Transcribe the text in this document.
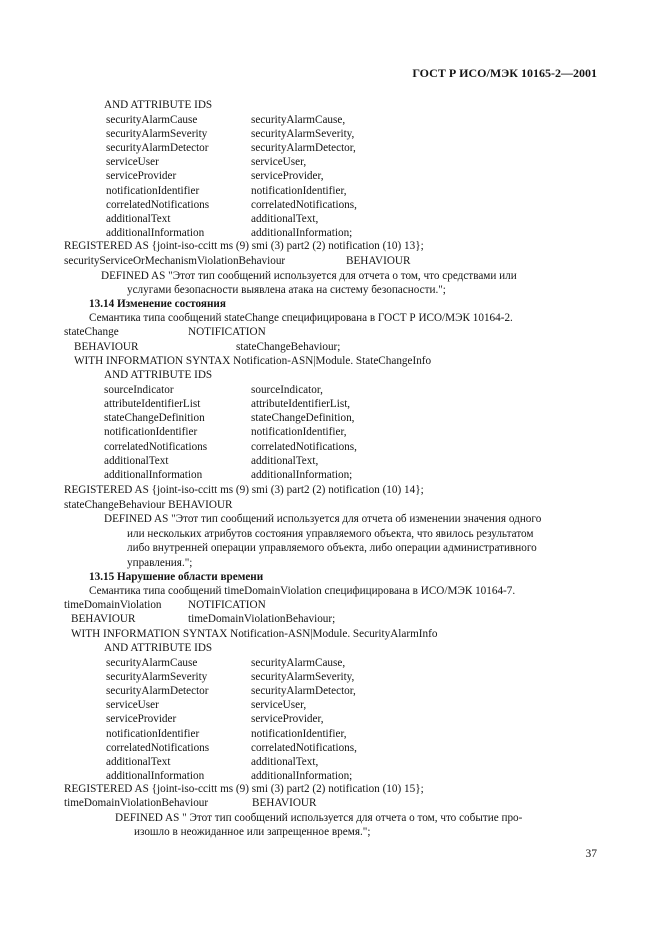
ГОСТ Р ИСО/МЭК 10165-2—2001
AND ATTRIBUTE IDS
securityAlarmCause	securityAlarmCause,
securityAlarmSeverity	securityAlarmSeverity,
securityAlarmDetector	securityAlarmDetector,
serviceUser	serviceUser,
serviceProvider	serviceProvider,
notificationIdentifier	notificationIdentifier,
correlatedNotifications	correlatedNotifications,
additionalText	additionalText,
additionalInformation	additionalInformation;
REGISTERED AS {joint-iso-ccitt ms (9) smi (3) part2 (2) notification (10) 13};
securityServiceOrMechanismViolationBehaviour	BEHAVIOUR
DEFINED AS "Этот тип сообщений используется для отчета о том, что средствами или
услугами безопасности выявлена атака на систему безопасности.";
13.14 Изменение состояния
Семантика типа сообщений stateChange специфицирована в ГОСТ Р ИСО/МЭК 10164-2.
stateChange	NOTIFICATION
BEHAVIOUR	stateChangeBehaviour;
WITH INFORMATION SYNTAX Notification-ASN|Module. StateChangeInfo
AND ATTRIBUTE IDS
sourceIndicator	sourceIndicator,
attributeIdentifierList	attributeIdentifierList,
stateChangeDefinition	stateChangeDefinition,
notificationIdentifier	notificationIdentifier,
correlatedNotifications	correlatedNotifications,
additionalText	additionalText,
additionalInformation	additionalInformation;
REGISTERED AS {joint-iso-ccitt ms (9) smi (3) part2 (2) notification (10) 14};
stateChangeBehaviour BEHAVIOUR
DEFINED AS "Этот тип сообщений используется для отчета об изменении значения одного
или нескольких атрибутов состояния управляемого объекта, что явилось результатом
либо внутренней операции управляемого объекта, либо операции административного
управления.";
13.15 Нарушение области времени
Семантика типа сообщений timeDomainViolation специфицирована в ИСО/МЭК 10164-7.
timeDomainViolation NOTIFICATION
BEHAVIOUR	timeDomainViolationBehaviour;
WITH INFORMATION SYNTAX Notification-ASN|Module. SecurityAlarmInfo
AND ATTRIBUTE IDS
securityAlarmCause	securityAlarmCause,
securityAlarmSeverity	securityAlarmSeverity,
securityAlarmDetector	securityAlarmDetector,
serviceUser	serviceUser,
serviceProvider	serviceProvider,
notificationIdentifier	notificationIdentifier,
correlatedNotifications	correlatedNotifications,
additionalText	additionalText,
additionalInformation	additionalInformation;
REGISTERED AS {joint-iso-ccitt ms (9) smi (3) part2 (2) notification (10) 15};
timeDomainViolationBehaviour	BEHAVIOUR
DEFINED AS " Этот тип сообщений используется для отчета о том, что событие про-
изошло в неожиданное или запрещенное время.";
37
